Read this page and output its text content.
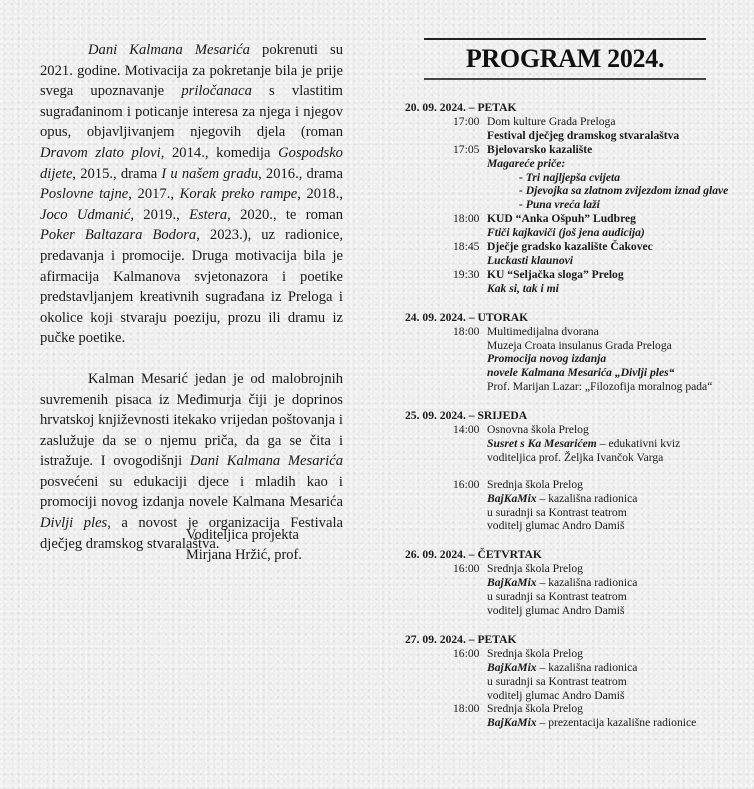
Dani Kalmana Mesarića pokrenuti su 2021. godine. Motivacija za pokretanje bila je prije svega upoznavanje priločanaca s vlastitim sugrađaninom i poticanje interesa za njega i njegov opus, objavljivanjem njegovih djela (roman Dravom zlato plovi, 2014., komedija Gospodsko dijete, 2015., drama I u našem gradu, 2016., drama Poslovne tajne, 2017., Korak preko rampe, 2018., Joco Udmanić, 2019., Estera, 2020., te roman Poker Baltazara Bodora, 2023.), uz radionice, predavanja i promocije. Druga motivacija bila je afirmacija Kalmanova svjetonazora i poetike predstavljanjem kreativnih sugrađana iz Preloga i okolice koji stvaraju poeziju, prozu ili dramu iz pučke poetike.

Kalman Mesarić jedan je od malobrojnih suvremenih pisaca iz Međimurja čiji je doprinos hrvatskoj književnosti itekako vrijedan poštovanja i zaslužuje da se o njemu priča, da ga se čita i istražuje. I ovogodišnji Dani Kalmana Mesarića posvećeni su edukaciji djece i mladih kao i promociji novog izdanja novele Kalmana Mesarića Divlji ples, a novost je organizacija Festivala dječjeg dramskog stvaralaštva.

Voditeljica projekta
Mirjana Hržić, prof.
PROGRAM 2024.
20. 09. 2024. – PETAK
17:00 Dom kulture Grada Preloga
Festival dječjeg dramskog stvaralaštva
17:05 Bjelovarsko kazalište
Magareće priče:
- Tri najljepša cvijeta
- Djevojka sa zlatnom zvijezdom iznad glave
- Puna vreća laži
18:00 KUD “Anka Ošpuh” Ludbreg
Ftiči kajkaviči (još jena audicija)
18:45 Dječje gradsko kazalište Čakovec
Luckasti klaunovi
19:30 KU “Seljačka sloga” Prelog
Kak si, tak i mi
24. 09. 2024. – UTORAK
18:00 Multimedijalna dvorana
Muzeja Croata insulanus Grada Preloga
Promocija novog izdanja
novele Kalmana Mesarića „Divlji ples“
Prof. Marijan Lazar: „Filozofija moralnog pada“
25. 09. 2024. – SRIJEDA
14:00 Osnovna škola Prelog
Susret s Ka Mesarićem – edukativni kviz
voditeljica prof. Željka Ivančok Varga
16:00 Srednja škola Prelog
BajKaMix – kazališna radionica
u suradnji sa Kontrast teatrom
voditelj glumac Andro Damiš
26. 09. 2024. – ČETVRTAK
16:00 Srednja škola Prelog
BajKaMix – kazališna radionica
u suradnji sa Kontrast teatrom
voditelj glumac Andro Damiš
27. 09. 2024. – PETAK
16:00 Srednja škola Prelog
BajKaMix – kazališna radionica
u suradnji sa Kontrast teatrom
voditelj glumac Andro Damiš
18:00 Srednja škola Prelog
BajKaMix – prezentacija kazališne radionice
